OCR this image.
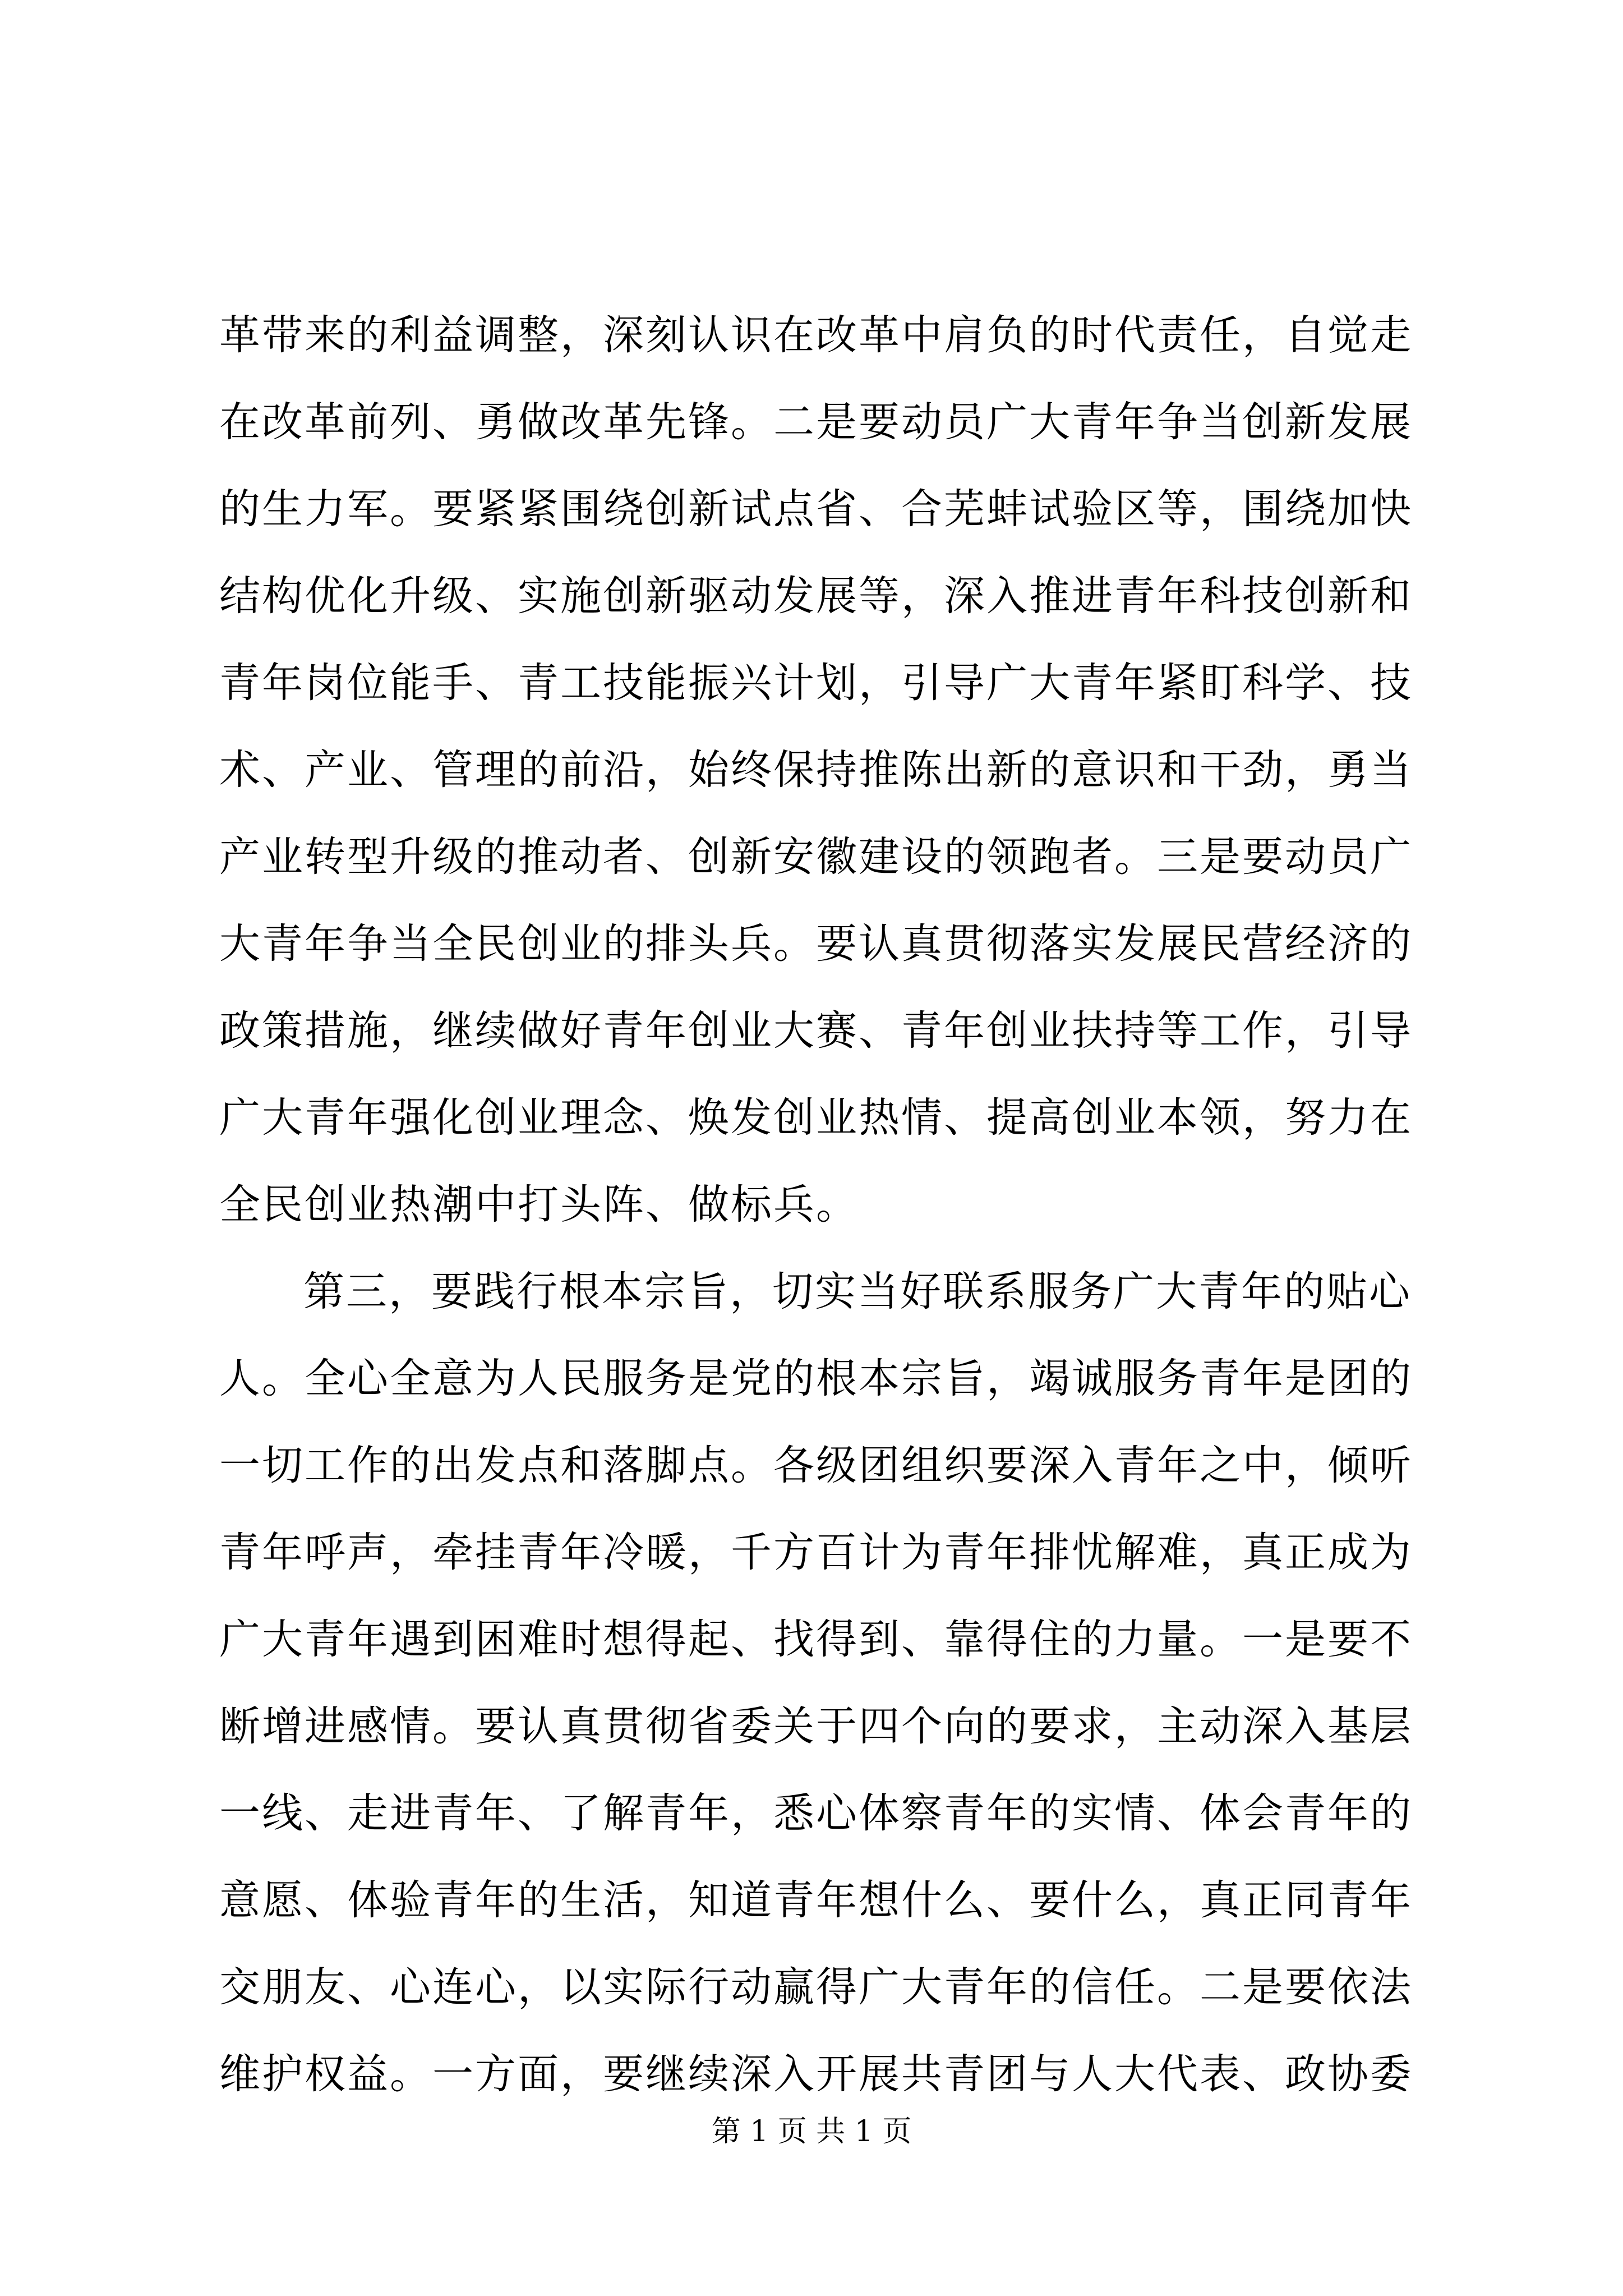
革带来的利益调整，深刻认识在改革中肩负的时代责任，自觉走
在改革前列、勇做改革先锋。二是要动员广大青年争当创新发展
的生力军。要紧紧围绕创新试点省、合芜蚌试验区等，围绕加快
结构优化升级、实施创新驱动发展等，深入推进青年科技创新和
青年岗位能手、青工技能振兴计划，引导广大青年紧盯科学、技
术、产业、管理的前沿，始终保持推陈出新的意识和干劲，勇当
产业转型升级的推动者、创新安徽建设的领跑者。三是要动员广
大青年争当全民创业的排头兵。要认真贯彻落实发展民营经济的
政策措施，继续做好青年创业大赛、青年创业扶持等工作，引导
广大青年强化创业理念、焕发创业热情、提高创业本领，努力在
全民创业热潮中打头阵、做标兵。
第三，要践行根本宗旨，切实当好联系服务广大青年的贴心
人。全心全意为人民服务是党的根本宗旨，竭诚服务青年是团的
一切工作的出发点和落脚点。各级团组织要深入青年之中，倾听
青年呼声，牵挂青年冷暖，千方百计为青年排忧解难，真正成为
广大青年遇到困难时想得起、找得到、靠得住的力量。一是要不
断增进感情。要认真贯彻省委关于四个向的要求，主动深入基层
一线、走进青年、了解青年，悉心体察青年的实情、体会青年的
意愿、体验青年的生活，知道青年想什么、要什么，真正同青年
交朋友、心连心，以实际行动赢得广大青年的信任。二是要依法
维护权益。一方面，要继续深入开展共青团与人大代表、政协委
第 1 页 共 1 页
